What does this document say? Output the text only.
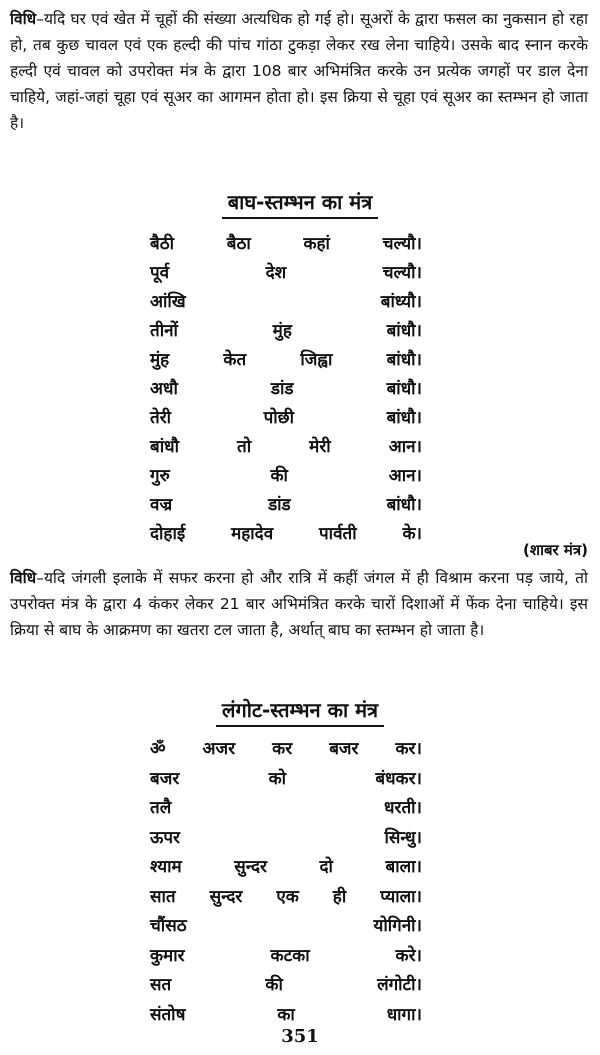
विधि–यदि घर एवं खेत में चूहों की संख्या अत्यधिक हो गई हो। सूअरों के द्वारा फसल का नुकसान हो रहा हो, तब कुछ चावल एवं एक हल्दी की पांच गांठा टुकड़ा लेकर रख लेना चाहिये। उसके बाद स्नान करके हल्दी एवं चावल को उपरोक्त मंत्र के द्वारा 108 बार अभिमंत्रित करके उन प्रत्येक जगहों पर डाल देना चाहिये, जहां-जहां चूहा एवं सूअर का आगमन होता हो। इस क्रिया से चूहा एवं सूअर का स्तम्भन हो जाता है।

बाघ-स्तम्भन का मंत्र
बैठी	बैठा	कहां	चल्यौ।
पूर्व	देश	चल्यौ।
आंखि	बांध्यौ।
तीनों	मुंह	बांधौ।
मुंह	केत	जिह्वा	बांधौ।
अधौ	डांड	बांधौ।
तेरी	पोछी	बांधौ।
बांधौ	तो	मेरी	आन।
गुरु	की	आन।
वज्र	डांड	बांधौ।
दोहाई	महादेव	पार्वती	के।
(शाबर मंत्र)

विधि–यदि जंगली इलाके में सफर करना हो और रात्रि में कहीं जंगल में ही विश्राम करना पड़ जाये, तो उपरोक्त मंत्र के द्वारा 4 कंकर लेकर 21 बार अभिमंत्रित करके चारों दिशाओं में फेंक देना चाहिये। इस क्रिया से बाघ के आक्रमण का खतरा टल जाता है, अर्थात् बाघ का स्तम्भन हो जाता है।

लंगोट-स्तम्भन का मंत्र
ॐ अजर कर बजर कर।
बजर	को	बंधकर।
तलै	धरती।
ऊपर	सिन्धु।
श्याम	सुन्दर	दो	बाला।
सात सुन्दर एक ही प्याला।
चौंसठ	योगिनी।
कुमार	कटका	करे।
सत	की	लंगोटी।
संतोष	का	धागा।
351
